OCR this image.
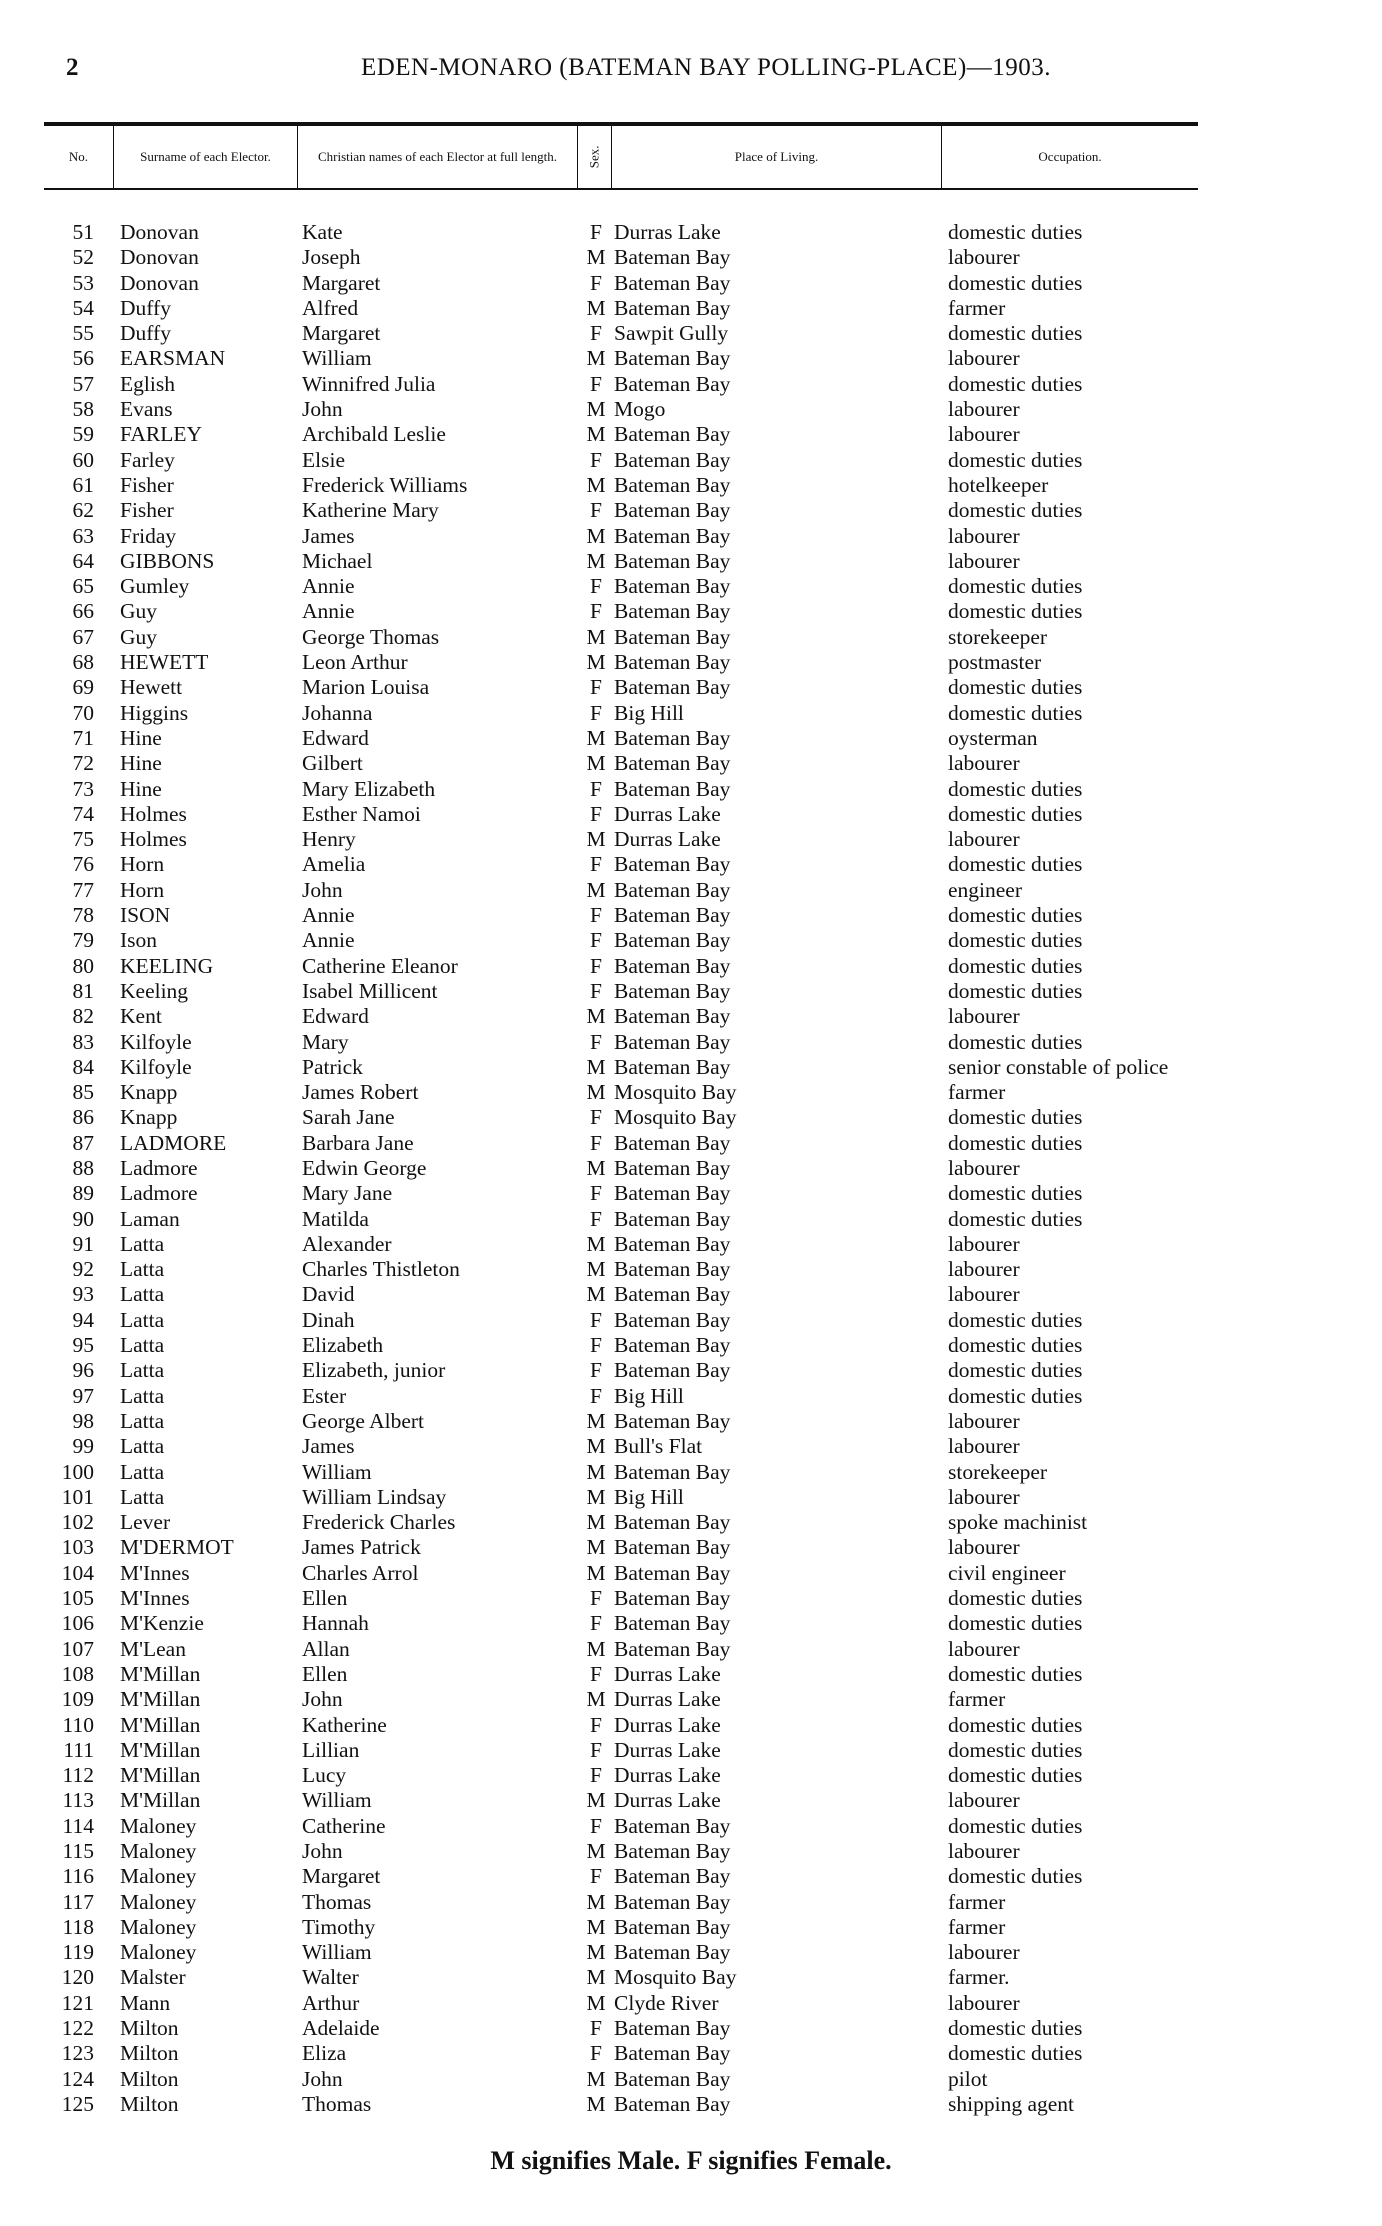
2	EDEN-MONARO (BATEMAN BAY POLLING-PLACE)—1903.
No.	Surname of each Elector.	Christian names of each Elector at full length.	Sex.	Place of Living.	Occupation.
51 Donovan	Kate	F Durras Lake	domestic duties
52 Donovan	Joseph	M Bateman Bay	labourer
53 Donovan	Margaret	F Bateman Bay	domestic duties
54 Duffy	Alfred	M Bateman Bay	farmer
55 Duffy	Margaret	F Sawpit Gully	domestic duties
56 EARSMAN	William	M Bateman Bay	labourer
57 Eglish	Winnifred Julia	F Bateman Bay	domestic duties
58 Evans	John	M Mogo	labourer
59 FARLEY	Archibald Leslie	M Bateman Bay	labourer
60 Farley	Elsie	F Bateman Bay	domestic duties
61 Fisher	Frederick Williams	M Bateman Bay	hotelkeeper
62 Fisher	Katherine Mary	F Bateman Bay	domestic duties
63 Friday	James	M Bateman Bay	labourer
64 GIBBONS	Michael	M Bateman Bay	labourer
65 Gumley	Annie	F Bateman Bay	domestic duties
66 Guy	Annie	F Bateman Bay	domestic duties
67 Guy	George Thomas	M Bateman Bay	storekeeper
68 HEWETT	Leon Arthur	M Bateman Bay	postmaster
69 Hewett	Marion Louisa	F Bateman Bay	domestic duties
70 Higgins	Johanna	F Big Hill	domestic duties
71 Hine	Edward	M Bateman Bay	oysterman
72 Hine	Gilbert	M Bateman Bay	labourer
73 Hine	Mary Elizabeth	F Bateman Bay	domestic duties
74 Holmes	Esther Namoi	F Durras Lake	domestic duties
75 Holmes	Henry	M Durras Lake	labourer
76 Horn	Amelia	F Bateman Bay	domestic duties
77 Horn	John	M Bateman Bay	engineer
78 ISON	Annie	F Bateman Bay	domestic duties
79 Ison	Annie	F Bateman Bay	domestic duties
80 KEELING	Catherine Eleanor	F Bateman Bay	domestic duties
81 Keeling	Isabel Millicent	F Bateman Bay	domestic duties
82 Kent	Edward	M Bateman Bay	labourer
83 Kilfoyle	Mary	F Bateman Bay	domestic duties
84 Kilfoyle	Patrick	M Bateman Bay	senior constable of police
85 Knapp	James Robert	M Mosquito Bay	farmer
86 Knapp	Sarah Jane	F Mosquito Bay	domestic duties
87 LADMORE	Barbara Jane	F Bateman Bay	domestic duties
88 Ladmore	Edwin George	M Bateman Bay	labourer
89 Ladmore	Mary Jane	F Bateman Bay	domestic duties
90 Laman	Matilda	F Bateman Bay	domestic duties
91 Latta	Alexander	M Bateman Bay	labourer
92 Latta	Charles Thistleton	M Bateman Bay	labourer
93 Latta	David	M Bateman Bay	labourer
94 Latta	Dinah	F Bateman Bay	domestic duties
95 Latta	Elizabeth	F Bateman Bay	domestic duties
96 Latta	Elizabeth, junior	F Bateman Bay	domestic duties
97 Latta	Ester	F Big Hill	domestic duties
98 Latta	George Albert	M Bateman Bay	labourer
99 Latta	James	M Bull's Flat	labourer
100 Latta	William	M Bateman Bay	storekeeper
101 Latta	William Lindsay	M Big Hill	labourer
102 Lever	Frederick Charles	M Bateman Bay	spoke machinist
103 M'DERMOT	James Patrick	M Bateman Bay	labourer
104 M'Innes	Charles Arrol	M Bateman Bay	civil engineer
105 M'Innes	Ellen	F Bateman Bay	domestic duties
106 M'Kenzie	Hannah	F Bateman Bay	domestic duties
107 M'Lean	Allan	M Bateman Bay	labourer
108 M'Millan	Ellen	F Durras Lake	domestic duties
109 M'Millan	John	M Durras Lake	farmer
110 M'Millan	Katherine	F Durras Lake	domestic duties
111 M'Millan	Lillian	F Durras Lake	domestic duties
112 M'Millan	Lucy	F Durras Lake	domestic duties
113 M'Millan	William	M Durras Lake	labourer
114 Maloney	Catherine	F Bateman Bay	domestic duties
115 Maloney	John	M Bateman Bay	labourer
116 Maloney	Margaret	F Bateman Bay	domestic duties
117 Maloney	Thomas	M Bateman Bay	farmer
118 Maloney	Timothy	M Bateman Bay	farmer
119 Maloney	William	M Bateman Bay	labourer
120 Malster	Walter	M Mosquito Bay	farmer.
121 Mann	Arthur	M Clyde River	labourer
122 Milton	Adelaide	F Bateman Bay	domestic duties
123 Milton	Eliza	F Bateman Bay	domestic duties
124 Milton	John	M Bateman Bay	pilot
125 Milton	Thomas	M Bateman Bay	shipping agent
M signifies Male. F signifies Female.
